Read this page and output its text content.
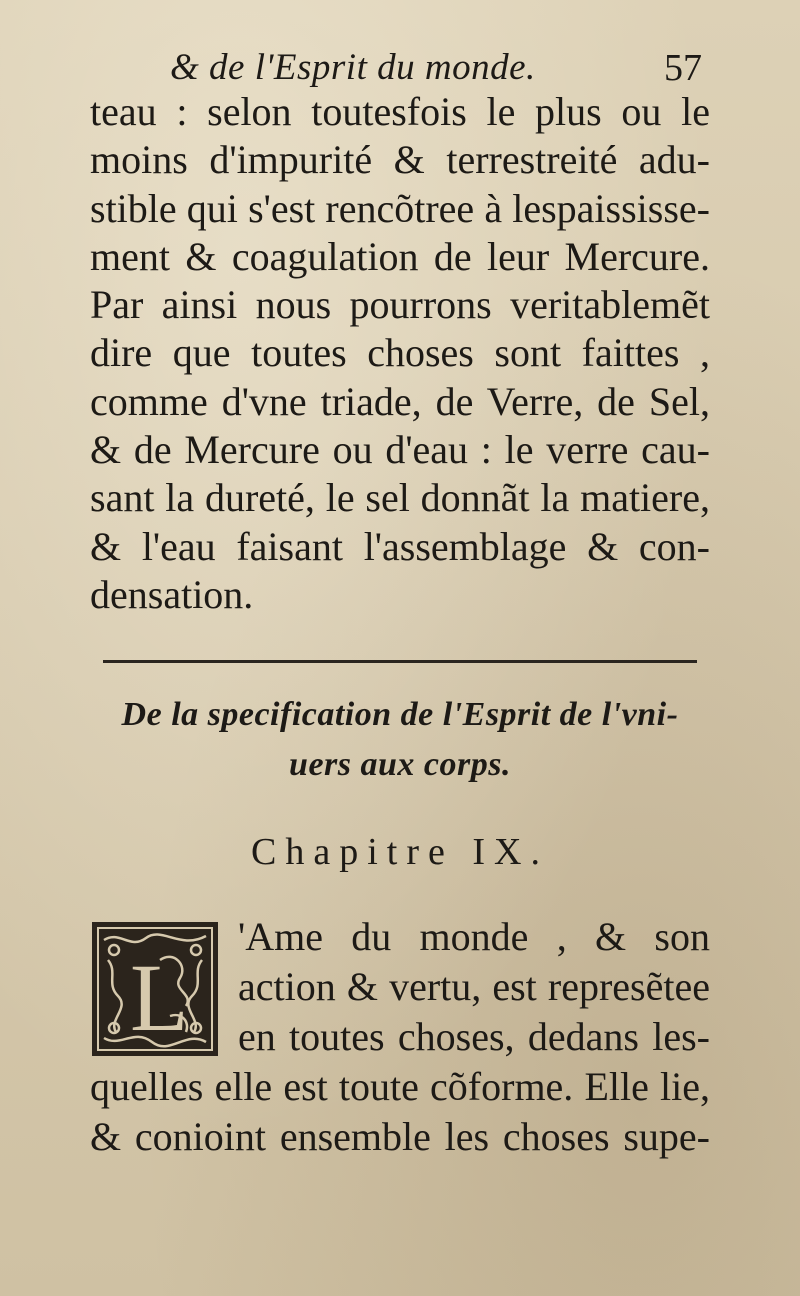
& de l'Esprit du monde.	57
teau : selon toutesfois le plus ou le
moins d'impurité & terrestreité adu-
stible qui s'est rencõtree à lespaississe-
ment & coagulation de leur Mercure.
Par ainsi nous pourrons veritablemẽt
dire que toutes choses sont faittes ,
comme d'vne triade, de Verre, de Sel,
& de Mercure ou d'eau : le verre cau-
sant la dureté, le sel donnãt la matiere,
& l'eau faisant l'assemblage & con-
densation.
De la specification de l'Esprit de l'vni-
uers aux corps.
Chapitre IX.
L
'Ame du monde , & son
action & vertu, est represẽtee
en toutes choses, dedans les-
quelles elle est toute cõforme. Elle lie,
& conioint ensemble les choses supe-
